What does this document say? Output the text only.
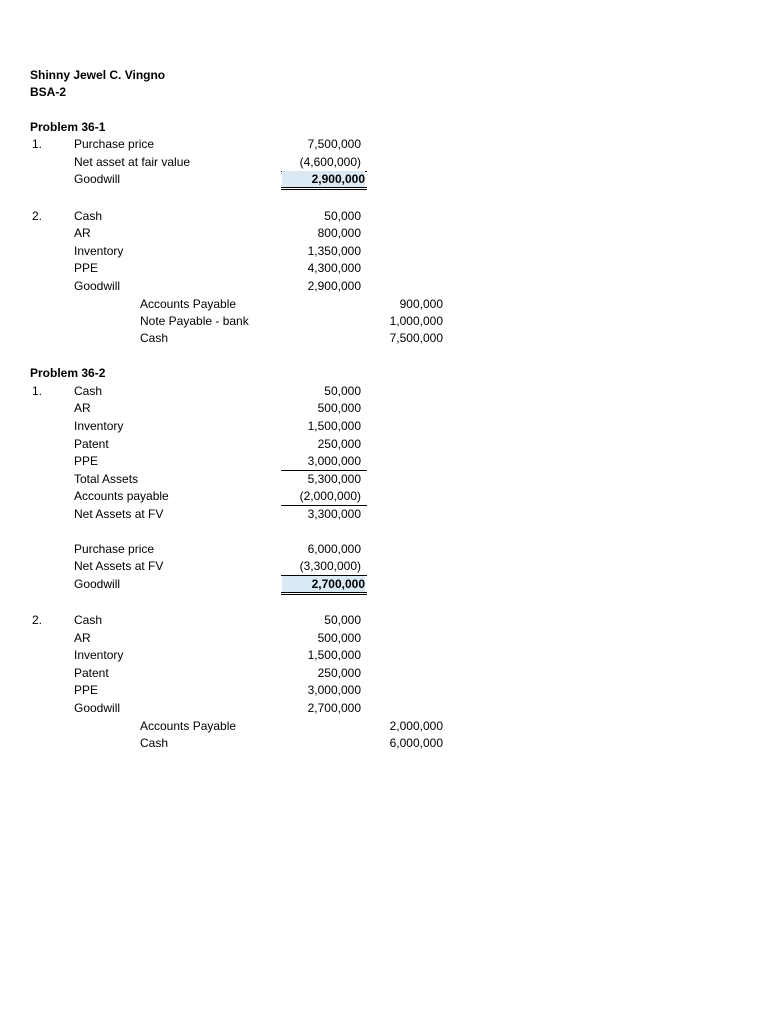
Shinny Jewel C. Vingno
BSA-2
Problem 36-1
1.	Purchase price	7,500,000
Net asset at fair value	(4,600,000)
Goodwill	2,900,000
2.	Cash	50,000
AR	800,000
Inventory	1,350,000
PPE	4,300,000
Goodwill	2,900,000
Accounts Payable	900,000
Note Payable - bank	1,000,000
Cash	7,500,000
Problem 36-2
1.	Cash	50,000
AR	500,000
Inventory	1,500,000
Patent	250,000
PPE	3,000,000
Total Assets	5,300,000
Accounts payable	(2,000,000)
Net Assets at FV	3,300,000
Purchase price	6,000,000
Net Assets at FV	(3,300,000)
Goodwill	2,700,000
2.	Cash	50,000
AR	500,000
Inventory	1,500,000
Patent	250,000
PPE	3,000,000
Goodwill	2,700,000
Accounts Payable	2,000,000
Cash	6,000,000
